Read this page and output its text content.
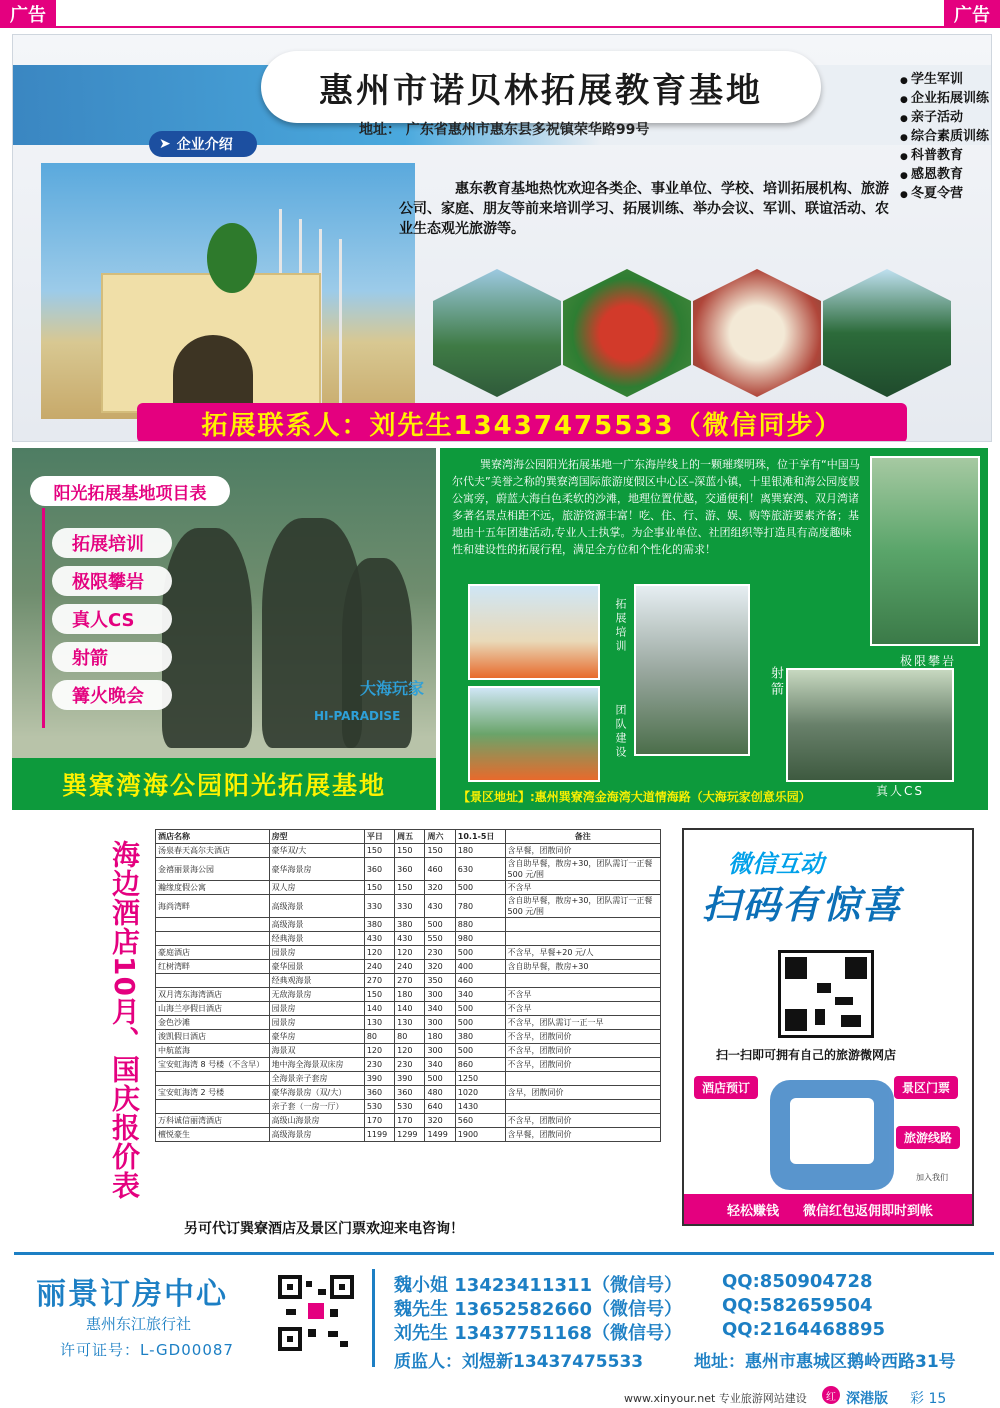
广告	广告
惠州市诺贝林拓展教育基地
地址： 广东省惠州市惠东县多祝镇荣华路99号
➤ 企业介绍
● 学生军训
● 企业拓展训练
● 亲子活动
● 综合素质训练
● 科普教育
● 感恩教育
● 冬夏令营
惠东教育基地热忱欢迎各类企、事业单位、学校、培训拓展机构、旅游公司、家庭、朋友等前来培训学习、拓展训练、举办会议、军训、联谊活动、农业生态观光旅游等。
拓展联系人：刘先生13437475533（微信同步）
阳光拓展基地项目表
拓展培训
极限攀岩
真人CS
射箭
篝火晚会	大海玩家
HI-PARADISE
巽寮湾海公园阳光拓展基地
巽寮湾海公园阳光拓展基地一广东海岸线上的一颗璀璨明珠，位于享有“中国马尔代夫”美誉之称的巽寮湾国际旅游度假区中心区–深蓝小镇，十里银滩和海公园度假公寓旁，蔚蓝大海白色柔软的沙滩，地理位置优越，交通便利！离巽寮湾、双月湾诸多著名景点相距不远，旅游资源丰富！吃、住、行、游、娱、购等旅游要素齐备；基地由十五年团建活动,专业人士执掌。为企事业单位、社团组织等打造具有高度趣味性和建设性的拓展行程，满足全方位和个性化的需求！
拓展培训
团队建设
射箭
极限攀岩
真人CS
【景区地址】:惠州巽寮湾金海湾大道情海路（大海玩家创意乐园）
海边酒店10月、国庆报价表
酒店名称	房型	平日	周五	周六	10.1-5日	备注
汤泉春天高尔夫酒店	豪华双/大	150	150	150	180	含早餐，团散同价
金禧丽景海公园	豪华海景房	360	360	460	630	含自助早餐，散房+30，团队需订一正餐 500 元/围
瀚缘度假公寓	双人房	150	150	320	500	不含早
海尚湾畔	高级海景	330	330	430	780	含自助早餐，散房+30，团队需订一正餐 500 元/围
	高级海景	380	380	500	880	
	经典海景	430	430	550	980	
豪庭酒店	园景房	120	120	230	500	不含早，早餐+20 元/人
红树湾畔	豪华园景	240	240	320	400	含自助早餐，散房+30
	经典观海景	270	270	350	460	
双月湾东海湾酒店	无敌海景房	150	180	300	340	不含早
山海兰亭假日酒店	园景房	140	140	340	500	不含早
金色沙滩	园景房	130	130	300	500	不含早，团队需订一正一早
浚凯假日酒店	豪华房	80	80	180	380	不含早，团散同价
中航蓝海	海景双	120	120	300	500	不含早，团散同价
宝安虹海湾 8 号楼（不含早）	地中海全海景双床房	230	230	340	860	不含早，团散同价
	全海景亲子套房	390	390	500	1250	
宝安虹海湾 2 号楼	豪华海景房（双/大）	360	360	480	1020	含早，团散同价
	亲子套（一房一厅）	530	530	640	1430	
万科诚信丽湾酒店	高级山海景房	170	170	320	560	不含早，团散同价
檀悦豪生	高级海景房	1199	1299	1499	1900	含早餐，团散同价
另可代订巽寮酒店及景区门票欢迎来电咨询！
微信互动
扫码有惊喜
扫一扫即可拥有自己的旅游微网店
酒店预订	景区门票
旅游线路
加入我们
轻松赚钱 微信红包返佣即时到帐
丽景订房中心
惠州东江旅行社
许可证号：L-GD00087
魏小姐 13423411311（微信号） QQ:850904728
魏先生 13652582660（微信号） QQ:582659504
刘先生 13437751168（微信号） QQ:2164468895
质监人：刘煜新13437475533	地址：惠州市惠城区鹅岭西路31号
www.xinyour.net 专业旅游网站建设	红 深港版 彩 15
